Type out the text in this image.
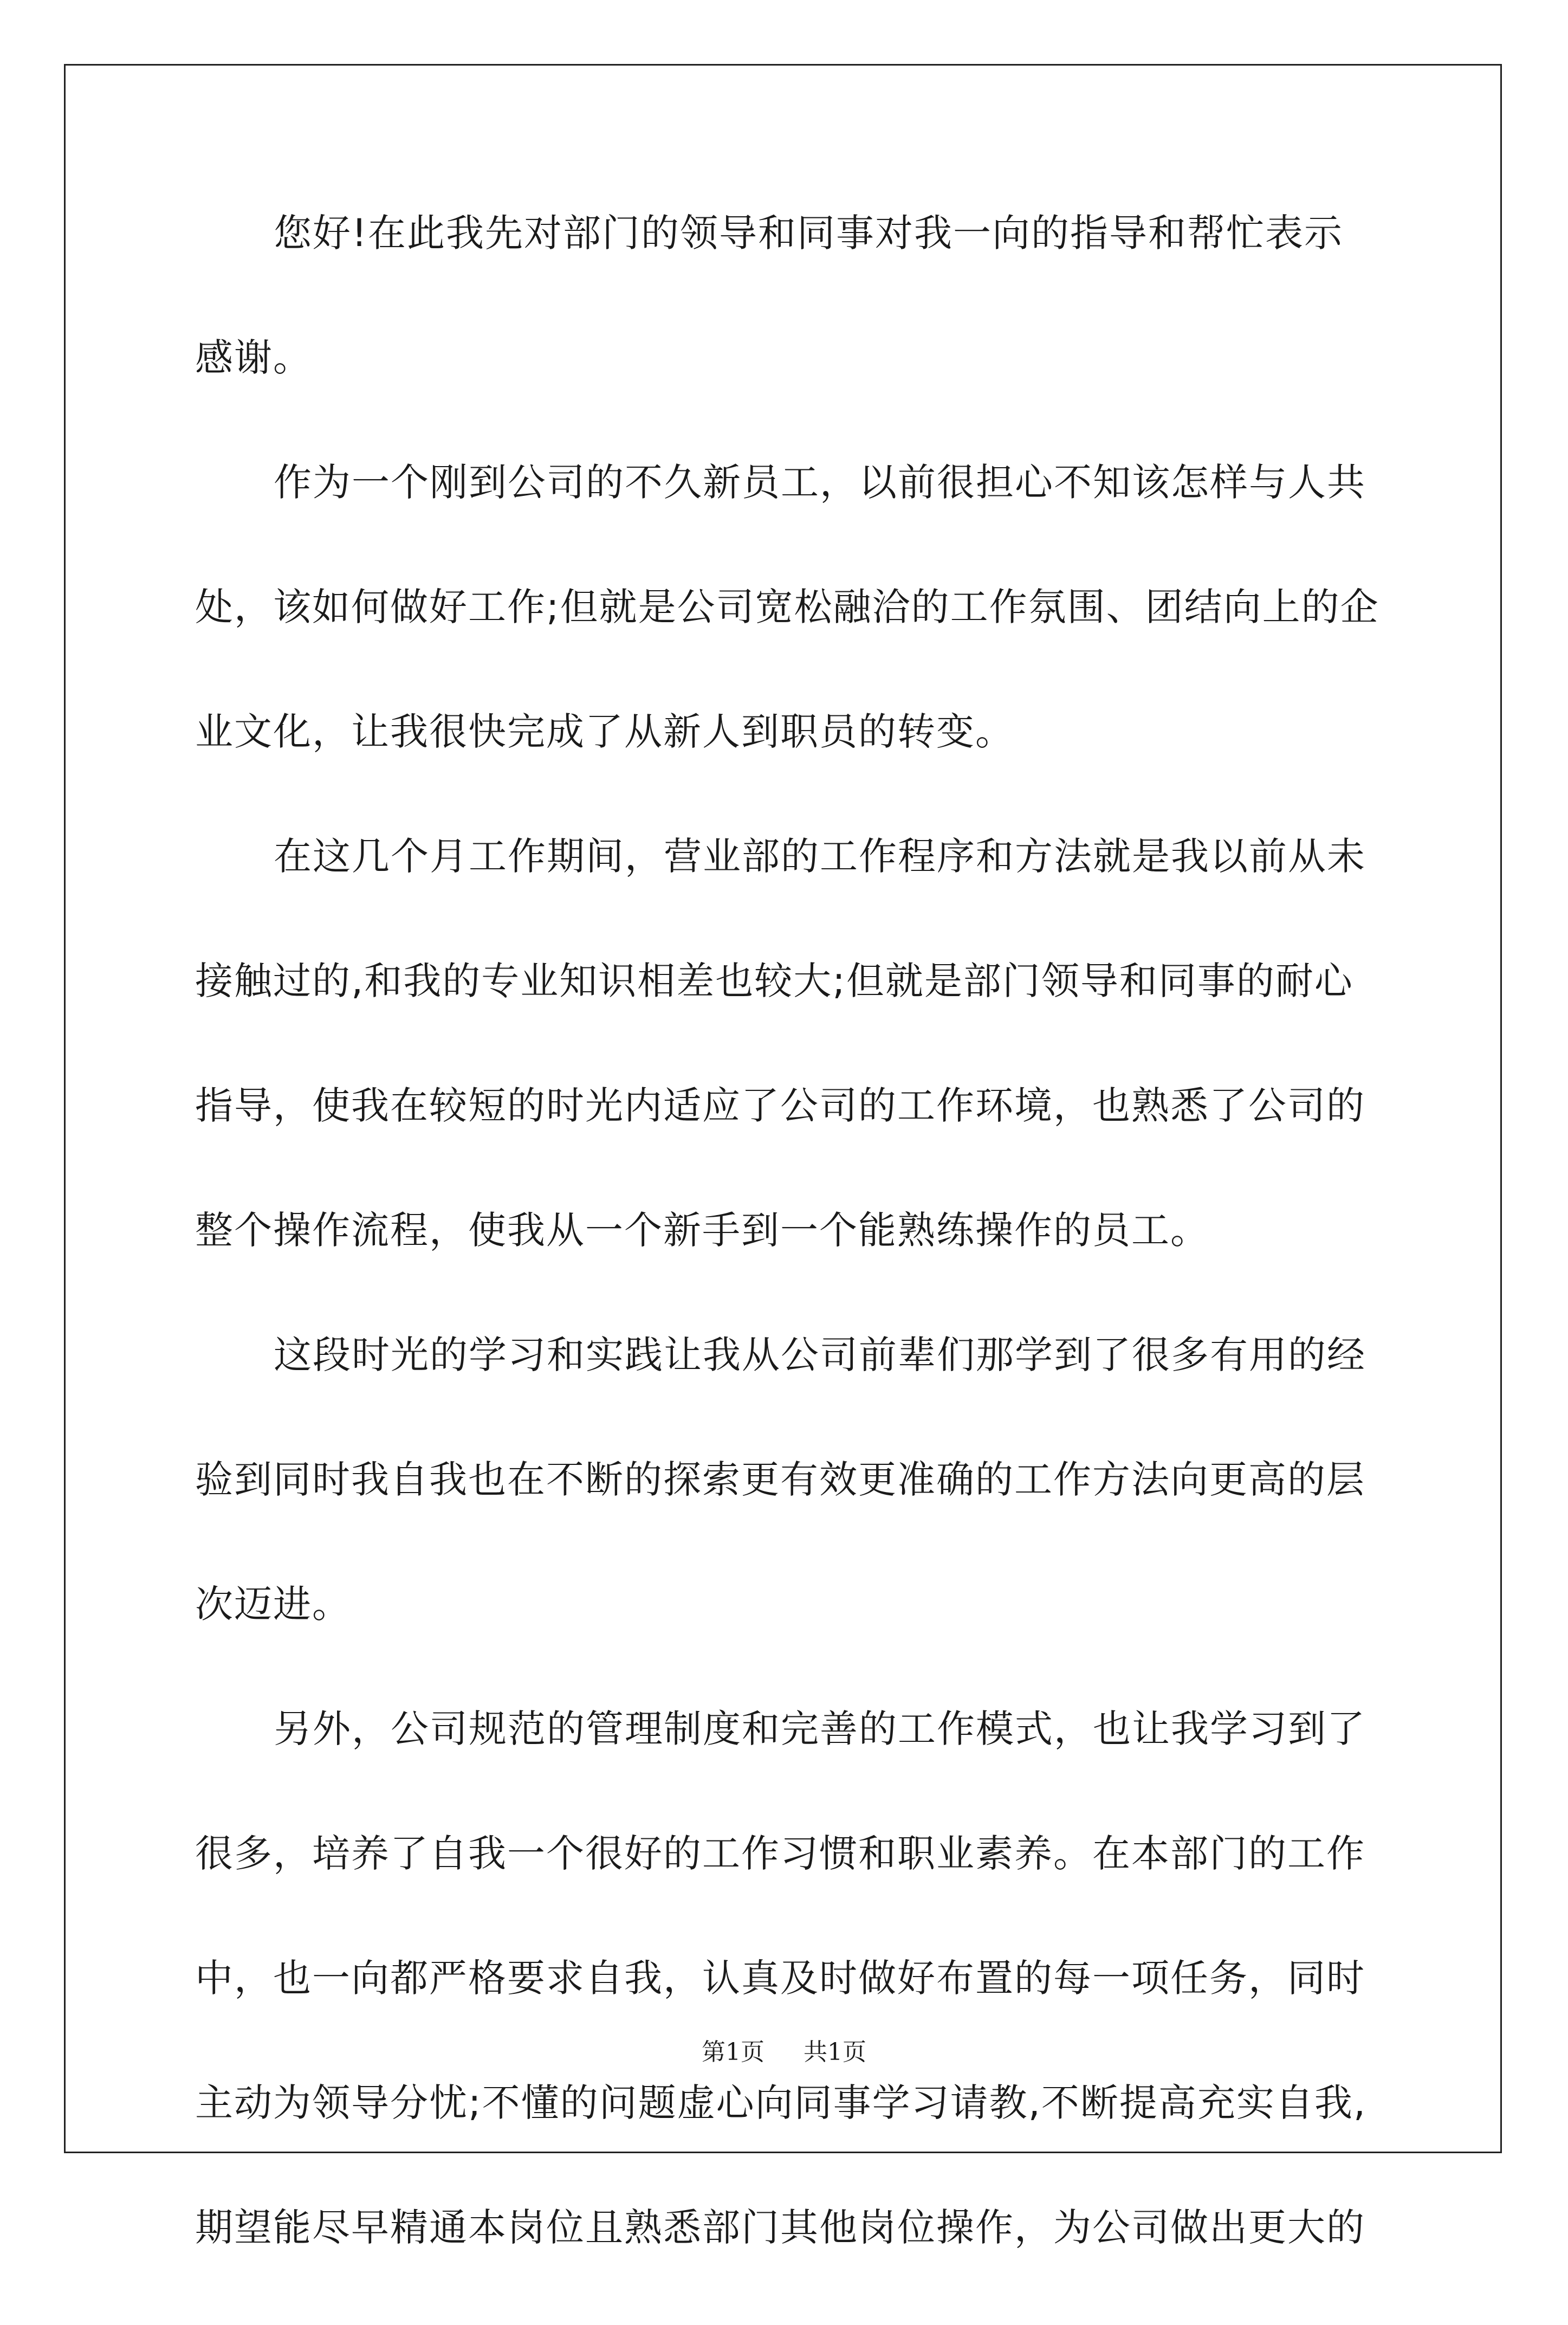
您好!在此我先对部门的领导和同事对我一向的指导和帮忙表示
感谢。
作为一个刚到公司的不久新员工，以前很担心不知该怎样与人共
处，该如何做好工作;但就是公司宽松融洽的工作氛围、团结向上的企
业文化，让我很快完成了从新人到职员的转变。
在这几个月工作期间，营业部的工作程序和方法就是我以前从未
接触过的,和我的专业知识相差也较大;但就是部门领导和同事的耐心
指导，使我在较短的时光内适应了公司的工作环境，也熟悉了公司的
整个操作流程，使我从一个新手到一个能熟练操作的员工。
这段时光的学习和实践让我从公司前辈们那学到了很多有用的经
验到同时我自我也在不断的探索更有效更准确的工作方法向更高的层
次迈进。
另外，公司规范的管理制度和完善的工作模式，也让我学习到了
很多，培养了自我一个很好的工作习惯和职业素养。在本部门的工作
中，也一向都严格要求自我，认真及时做好布置的每一项任务，同时
主动为领导分忧;不懂的问题虚心向同事学习请教,不断提高充实自我,
期望能尽早精通本岗位且熟悉部门其他岗位操作，为公司做出更大的
第1页 共1页
